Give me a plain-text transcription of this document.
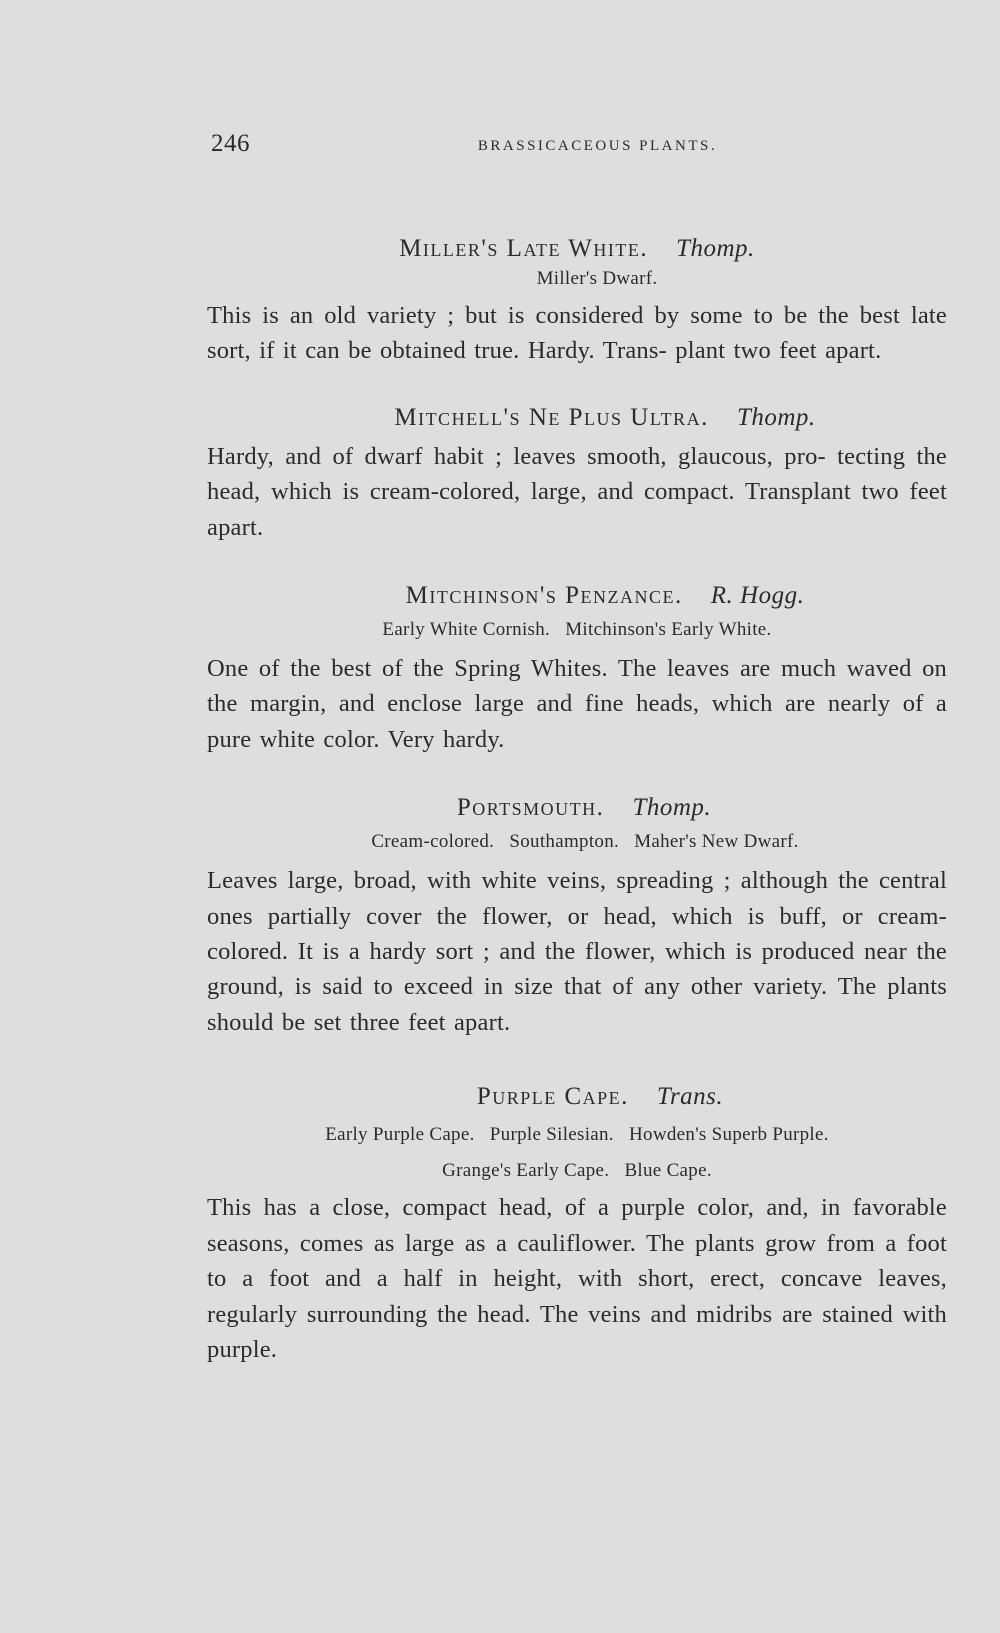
246	BRASSICACEOUS PLANTS.
Miller's Late White. Thomp.
Miller's Dwarf.

This is an old variety ; but is considered by some to be the best late sort, if it can be obtained true. Hardy. Trans- plant two feet apart.

Mitchell's Ne Plus Ultra. Thomp.

Hardy, and of dwarf habit ; leaves smooth, glaucous, pro- tecting the head, which is cream-colored, large, and compact. Transplant two feet apart.

Mitchinson's Penzance. R. Hogg.
Early White Cornish.   Mitchinson's Early White.

One of the best of the Spring Whites. The leaves are much waved on the margin, and enclose large and fine heads, which are nearly of a pure white color. Very hardy.

Portsmouth. Thomp.
Cream-colored.   Southampton.   Maher's New Dwarf.

Leaves large, broad, with white veins, spreading ; although the central ones partially cover the flower, or head, which is buff, or cream-colored. It is a hardy sort ; and the flower, which is produced near the ground, is said to exceed in size that of any other variety. The plants should be set three feet apart.

Purple Cape. Trans.
Early Purple Cape.   Purple Silesian.   Howden's Superb Purple.
Grange's Early Cape.   Blue Cape.

This has a close, compact head, of a purple color, and, in favorable seasons, comes as large as a cauliflower. The plants grow from a foot to a foot and a half in height, with short, erect, concave leaves, regularly surrounding the head. The veins and midribs are stained with purple.
